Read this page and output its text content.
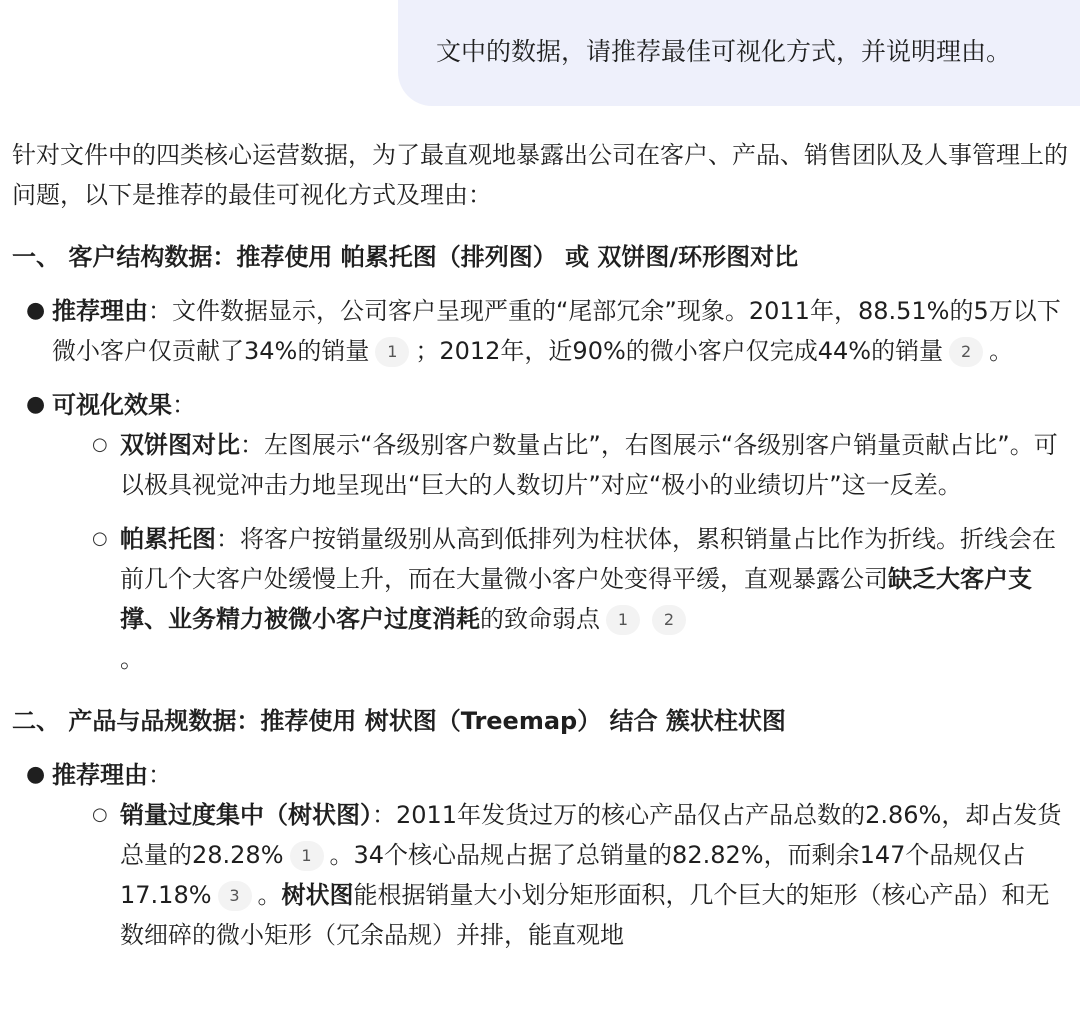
文中的数据，请推荐最佳可视化方式，并说明理由。

针对文件中的四类核心运营数据，为了最直观地暴露出公司在客户、产品、销售团队及人事管理上的问题，以下是推荐的最佳可视化方式及理由：

一、 客户结构数据：推荐使用 帕累托图（排列图） 或 双饼图/环形图对比

● 推荐理由：文件数据显示，公司客户呈现严重的“尾部冗余”现象。2011年，88.51%的5万以下微小客户仅贡献了34%的销量 1 ；2012年，近90%的微小客户仅完成44%的销量 2 。

● 可视化效果：

○ 双饼图对比：左图展示“各级别客户数量占比”，右图展示“各级别客户销量贡献占比”。可以极具视觉冲击力地呈现出“巨大的人数切片”对应“极小的业绩切片”这一反差。

○ 帕累托图：将客户按销量级别从高到低排列为柱状体，累积销量占比作为折线。折线会在前几个大客户处缓慢上升，而在大量微小客户处变得平缓，直观暴露公司缺乏大客户支撑、业务精力被微小客户过度消耗的致命弱点 1 2
。

二、 产品与品规数据：推荐使用 树状图（Treemap） 结合 簇状柱状图

● 推荐理由：

○ 销量过度集中（树状图）：2011年发货过万的核心产品仅占产品总数的2.86%，却占发货总量的28.28% 1 。34个核心品规占据了总销量的82.82%，而剩余147个品规仅占17.18% 3 。树状图能根据销量大小划分矩形面积，几个巨大的矩形（核心产品）和无数细碎的微小矩形（冗余品规）并排，能直观地
